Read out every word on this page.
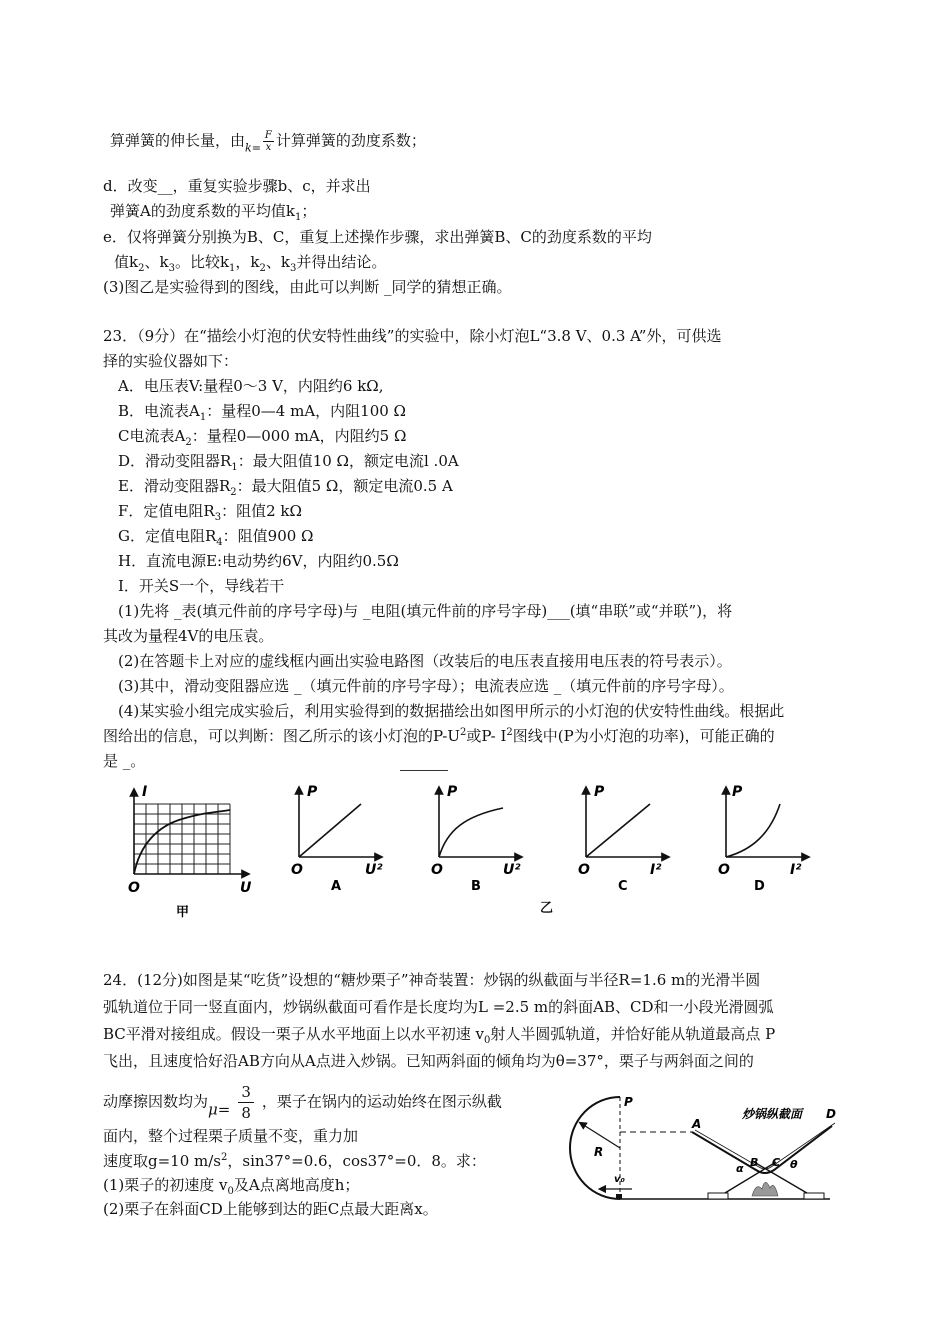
算弹簧的伸长量，由$_{k=} \frac{F}{x}$ 计算弹簧的劲度系数；
d．改变__，重复实验步骤b、c，并求出
弹簧A的劲度系数的平均值$k_1$；
e．仅将弹簧分别换为B、C，重复上述操作步骤，求出弹簧B、C的劲度系数的平均
值$k_2$、$k_3$。比较$k_1$，$k_2$、$k_3$并得出结论。
(3)图乙是实验得到的图线，由此可以判断 _同学的猜想正确。
23．（9分）在“描绘小灯泡的伏安特性曲线”的实验中，除小灯泡L“3.8 V、0.3 A”外，可供选
择的实验仪器如下：
A．电压表V:量程0～3 V，内阻约6 kΩ,
B．电流表$A_1$：量程0—4 mA，内阻100 Ω
C电流表$A_2$：量程0—000 mA，内阻约5 Ω
D．滑动变阻器$R_1$：最大阻值10 Ω，额定电流l .0A
E．滑动变阻器$R_2$：最大阻值5 Ω，额定电流0.5 A
F．定值电阻$R_3$：阻值2 kΩ
G．定值电阻$R_4$：阻值900 Ω
H．直流电源E:电动势约6V，内阻约0.5Ω
I．开关S一个，导线若干
(1)先将 _表(填元件前的序号字母)与 _电阻(填元件前的序号字母)___(填“串联”或“并联”)，将
其改为量程4V的电压袁。
(2)在答题卡上对应的虚线框内画出实验电路图（改装后的电压表直接用电压表的符号表示）。
(3)其中，滑动变阻器应选 _（填元件前的序号字母）；电流表应选 _（填元件前的序号字母）。
(4)某实验小组完成实验后，利用实验得到的数据描绘出如图甲所示的小灯泡的伏安特性曲线。根据此
图给出的信息，可以判断：图乙所示的该小灯泡的$P-U^2$或P- $I^2$图线中(P为小灯泡的功率)，可能正确的
是 _。
I
U
O
甲
P
U²
O
A
P
U²
O
B
P
I²
O
C
乙
P
I²
O
D
24．(12分)如图是某“吃货”设想的“糖炒栗子”神奇装置：炒锅的纵截面与半径R=1.6 m的光滑半圆
弧轨道位于同一竖直面内，炒锅纵截面可看作是长度均为L =2.5 m的斜面AB、CD和一小段光滑圆弧
BC平滑对接组成。假设一栗子从水平地面上以水平初速 $v_0$射人半圆弧轨道，并恰好能从轨道最高点 P
飞出，且速度恰好沿AB方向从A点进入炒锅。已知两斜面的倾角均为θ=37°，栗子与两斜面之间的
动摩擦因数均为$\mu= \frac{3}{8}$ ，栗子在锅内的运动始终在图示纵截
面内，整个过程栗子质量不变，重力加
速度取g=10 $m/s^2$，sin37°=0.6，cos37°=0．8。求：
(1)栗子的初速度 $v_0$及A点离地高度h；
(2)栗子在斜面CD上能够到达的距C点最大距离x。
P
A
D
R
B C θ
α
v₀
炒锅纵截面
